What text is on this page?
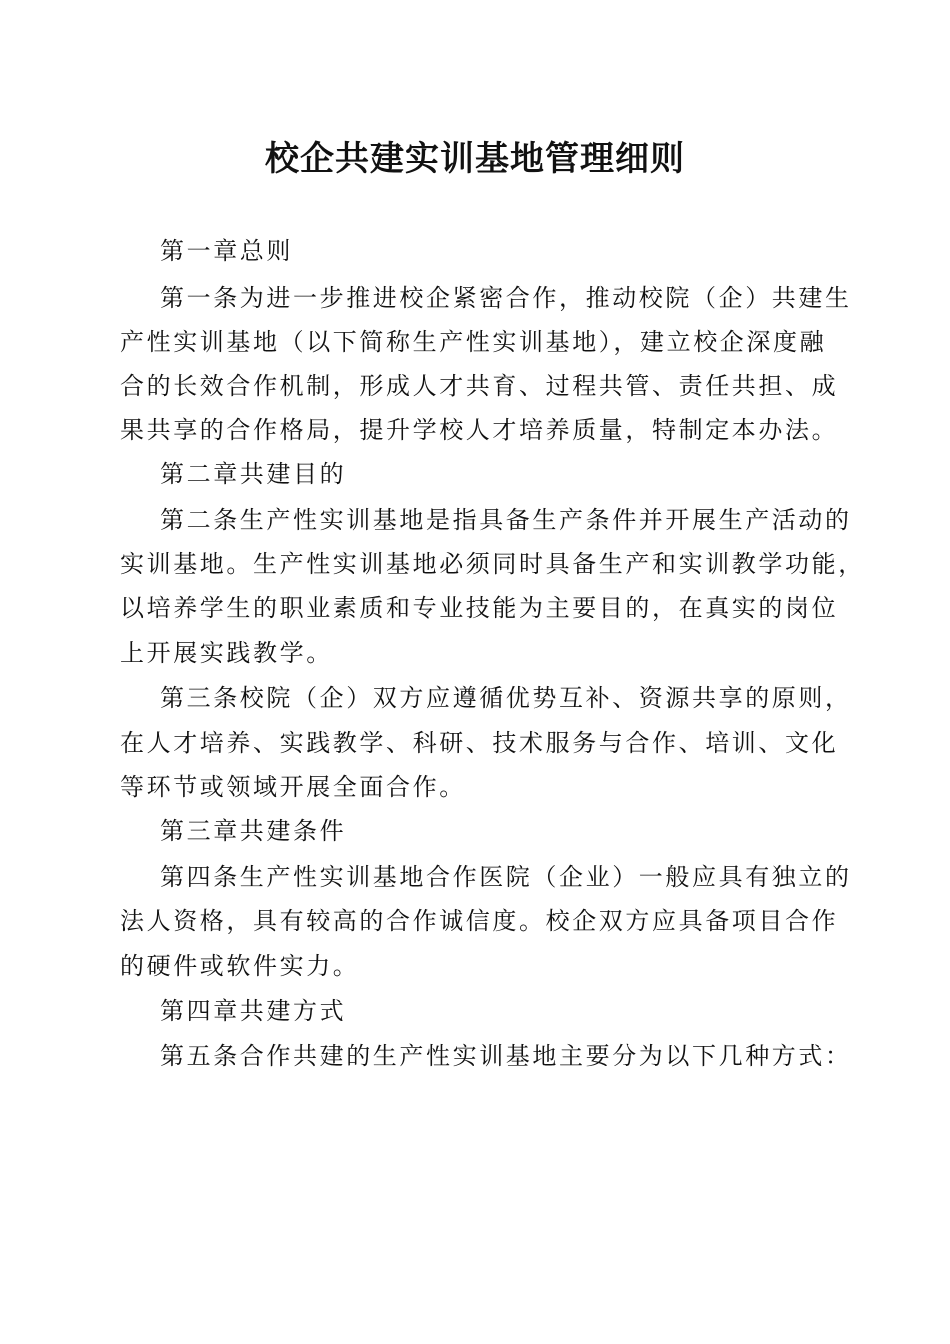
校企共建实训基地管理细则
第一章总则
第一条为进一步推进校企紧密合作，推动校院（企）共建生
产性实训基地（以下简称生产性实训基地），建立校企深度融
合的长效合作机制，形成人才共育、过程共管、责任共担、成
果共享的合作格局，提升学校人才培养质量，特制定本办法。
第二章共建目的
第二条生产性实训基地是指具备生产条件并开展生产活动的
实训基地。生产性实训基地必须同时具备生产和实训教学功能，
以培养学生的职业素质和专业技能为主要目的，在真实的岗位
上开展实践教学。
第三条校院（企）双方应遵循优势互补、资源共享的原则，
在人才培养、实践教学、科研、技术服务与合作、培训、文化
等环节或领域开展全面合作。
第三章共建条件
第四条生产性实训基地合作医院（企业）一般应具有独立的
法人资格，具有较高的合作诚信度。校企双方应具备项目合作
的硬件或软件实力。
第四章共建方式
第五条合作共建的生产性实训基地主要分为以下几种方式：
